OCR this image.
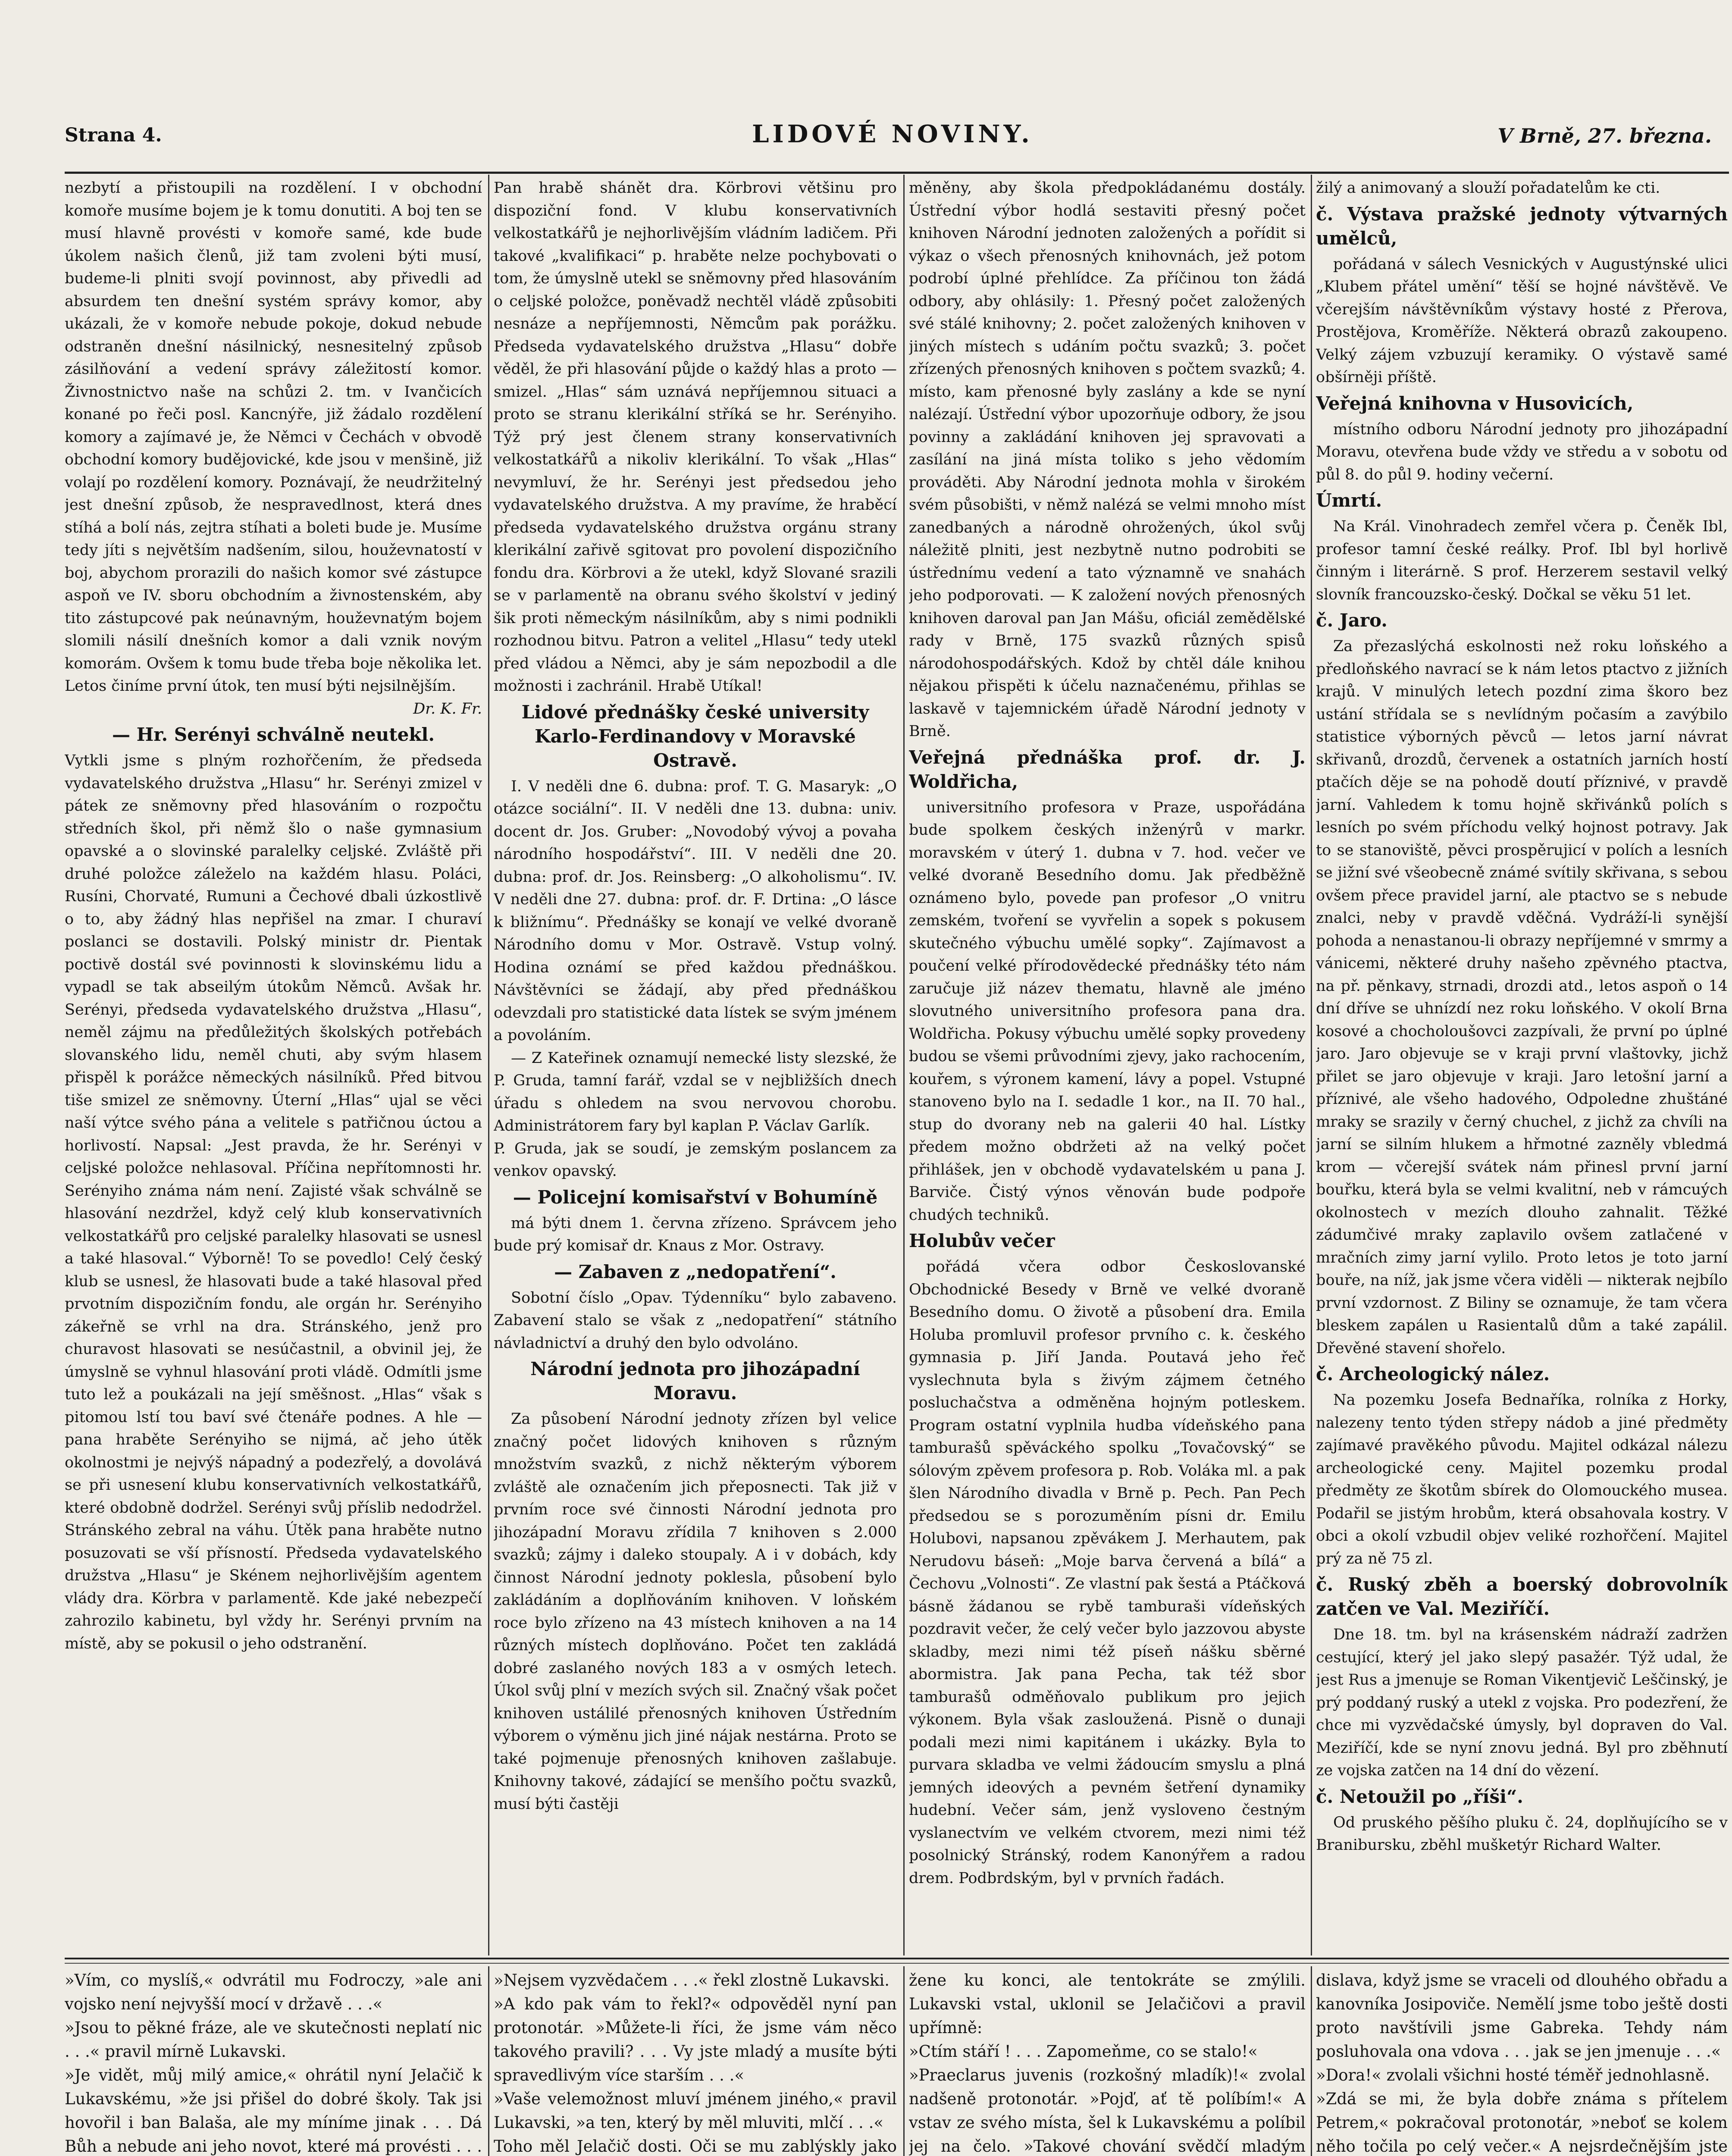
Strana 4.	LIDOVÉ NOVINY.	V Brně, 27. března.

nezbytí a přistoupili na rozdělení. I v obchodní komoře musíme bojem je k tomu donutiti. A boj ten se musí hlavně provésti v komoře samé, kde bude úkolem našich členů, již tam zvoleni býti musí, budeme-li plniti svojí povinnost, aby přivedli ad absurdem ten dnešní systém správy komor, aby ukázali, že v komoře nebude pokoje, dokud nebude odstraněn dnešní násilnický, nesnesitelný způsob zásilňování a vedení správy záležitostí komor. Živnostnictvo naše na schůzi 2. tm. v Ivančicích konané po řeči posl. Kancnýře, již žádalo rozdělení komory a zajímavé je, že Němci v Čechách v obvodě obchodní komory budějovické, kde jsou v menšině, již volají po rozdělení komory. Poznávají, že neudržitelný jest dnešní způsob, že nespravedlnost, která dnes stíhá a bolí nás, zejtra stíhati a boleti bude je. Musíme tedy jíti s největším nadšením, silou, houževnatostí v boj, abychom prorazili do našich komor své zástupce aspoň ve IV. sboru obchodním a živnostenském, aby tito zástupcové pak neúnavným, houževnatým bojem slomili násilí dnešních komor a dali vznik novým komorám. Ovšem k tomu bude třeba boje několika let. Letos činíme první útok, ten musí býti nejsilnějším.

Dr. K. Fr.
— Hr. Serényi schválně neutekl.

Vytkli jsme s plným rozhořčením, že předseda vydavatelského družstva „Hlasu“ hr. Serényi zmizel v pátek ze sněmovny před hlasováním o rozpočtu středních škol, při němž šlo o naše gymnasium opavské a o slovinské paralelky celjské. Zvláště při druhé položce záleželo na každém hlasu. Poláci, Rusíni, Chorvaté, Rumuni a Čechové dbali úzkostlivě o to, aby žádný hlas nepřišel na zmar. I churaví poslanci se dostavili. Polský ministr dr. Pientak poctivě dostál své povinnosti k slovinskému lidu a vypadl se tak abseilým útokům Němců. Avšak hr. Serényi, předseda vydavatelského družstva „Hlasu“, neměl zájmu na předůležitých školských potřebách slovanského lidu, neměl chuti, aby svým hlasem přispěl k porážce německých násilníků. Před bitvou tiše smizel ze sněmovny. Úterní „Hlas“ ujal se věci naší výtce svého pána a velitele s patřičnou úctou a horlivostí. Napsal: „Jest pravda, že hr. Serényi v celjské položce nehlasoval. Příčina nepřítomnosti hr. Serényiho známa nám není. Zajisté však schválně se hlasování nezdržel, když celý klub konservativních velkostatkářů pro celjské paralelky hlasovati se usnesl a také hlasoval.“ Výborně! To se povedlo! Celý český klub se usnesl, že hlasovati bude a také hlasoval před prvotním dispozičním fondu, ale orgán hr. Serényiho zákeřně se vrhl na dra. Stránského, jenž pro churavost hlasovati se nesúčastnil, a obvinil jej, že úmyslně se vyhnul hlasování proti vládě. Odmítli jsme tuto lež a poukázali na její směšnost. „Hlas“ však s pitomou lstí tou baví své čtenáře podnes. A hle — pana hraběte Serényiho se nijmá, ač jeho útěk okolnostmi je nejvýš nápadný a podezřelý, a dovolává se při usnesení klubu konservativních velkostatkářů, které obdobně dodržel. Serényi svůj příslib nedodržel. Stránského zebral na váhu. Útěk pana hraběte nutno posuzovati se vší přísností. Předseda vydavatelského družstva „Hlasu“ je Skénem nejhorlivějším agentem vlády dra. Körbra v parlamentě. Kde jaké nebezpečí zahrozilo kabinetu, byl vždy hr. Serényi prvním na místě, aby se pokusil o jeho odstranění.

Pan hrabě shánět dra. Körbrovi většinu pro dispoziční fond. V klubu konservativních velkostatkářů je nejhorlivějším vládním ladičem. Při takové „kvalifikaci“ p. hraběte nelze pochybovati o tom, že úmyslně utekl se sněmovny před hlasováním o celjské položce, poněvadž nechtěl vládě způsobiti nesnáze a nepříjemnosti, Němcům pak porážku. Předseda vydavatelského družstva „Hlasu“ dobře věděl, že při hlasování půjde o každý hlas a proto — smizel. „Hlas“ sám uznává nepříjemnou situaci a proto se stranu klerikální stříká se hr. Serényiho. Týž prý jest členem strany konservativních velkostatkářů a nikoliv klerikální. To však „Hlas“ nevymluví, že hr. Serényi jest předsedou jeho vydavatelského družstva. A my pravíme, že hraběcí předseda vydavatelského družstva orgánu strany klerikální zařivě sgitovat pro povolení dispozičního fondu dra. Körbrovi a že utekl, když Slované srazili se v parlamentě na obranu svého školství v jediný šik proti německým násilníkům, aby s nimi podnikli rozhodnou bitvu. Patron a velitel „Hlasu“ tedy utekl před vládou a Němci, aby je sám nepozbodil a dle možnosti i zachránil. Hrabě Utíkal!

Lidové přednášky české university Karlo-Ferdinandovy v Moravské Ostravě.

I. V neděli dne 6. dubna: prof. T. G. Masaryk: „O otázce sociální“. II. V neděli dne 13. dubna: univ. docent dr. Jos. Gruber: „Novodobý vývoj a povaha národního hospodářství“. III. V neděli dne 20. dubna: prof. dr. Jos. Reinsberg: „O alkoholismu“. IV. V neděli dne 27. dubna: prof. dr. F. Drtina: „O lásce k bližnímu“. Přednášky se konají ve velké dvoraně Národního domu v Mor. Ostravě. Vstup volný. Hodina oznámí se před každou přednáškou. Návštěvníci se žádají, aby před přednáškou odevzdali pro statistické data lístek se svým jménem a povoláním.

— Z Kateřinek oznamují nemecké listy slezské, že P. Gruda, tamní farář, vzdal se v nejbližších dnech úřadu s ohledem na svou nervovou chorobu. Administrátorem fary byl kaplan P. Václav Garlík.

P. Gruda, jak se soudí, je zemským poslancem za venkov opavský.

— Policejní komisařství v Bohumíně

má býti dnem 1. června zřízeno. Správcem jeho bude prý komisař dr. Knaus z Mor. Ostravy.

— Zabaven z „nedopatření“.

Sobotní číslo „Opav. Týdenníku“ bylo zabaveno. Zabavení stalo se však z „nedopatření“ státního návladnictví a druhý den bylo odvoláno.

Národní jednota pro jihozápadní Moravu.

Za působení Národní jednoty zřízen byl velice značný počet lidových knihoven s různým množstvím svazků, z nichž některým výborem zvláště ale označením jich přeposnecti. Tak již v prvním roce své činnosti Národní jednota pro jihozápadní Moravu zřídila 7 knihoven s 2.000 svazků; zájmy i daleko stoupaly. A i v dobách, kdy činnost Národní jednoty poklesla, působení bylo zakládáním a doplňováním knihoven. V loňském roce bylo zřízeno na 43 místech knihoven a na 14 různých místech doplňováno. Počet ten zakládá dobré zaslaného nových 183 a v osmých letech. Úkol svůj plní v mezích svých sil. Značný však počet knihoven ustálilé přenosných knihoven Ústředním výborem o výměnu jich jiné nájak nestárna. Proto se také pojmenuje přenosných knihoven zašlabuje. Knihovny takové, zádající se menšího počtu svazků, musí býti častěji

měněny, aby škola předpokládanému dostály. Ústřední výbor hodlá sestaviti přesný počet knihoven Národní jednoten založených a pořídit si výkaz o všech přenosných knihovnách, jež potom podrobí úplné přehlídce. Za příčinou ton žádá odbory, aby ohlásily: 1. Přesný počet založených své stálé knihovny; 2. počet založených knihoven v jiných místech s udáním počtu svazků; 3. počet zřízených přenosných knihoven s počtem svazků; 4. místo, kam přenosné byly zaslány a kde se nyní nalézají. Ústřední výbor upozorňuje odbory, že jsou povinny a zakládání knihoven jej spravovati a zasílání na jiná místa toliko s jeho vědomím prováděti. Aby Národní jednota mohla v širokém svém působišti, v němž nalézá se velmi mnoho míst zanedbaných a národně ohrožených, úkol svůj náležitě plniti, jest nezbytně nutno podrobiti se ústřednímu vedení a tato významně ve snahách jeho podporovati. — K založení nových přenosných knihoven daroval pan Jan Mášu, oficiál zemědělské rady v Brně, 175 svazků různých spisů národohospodářských. Kdož by chtěl dále knihou nějakou přispěti k účelu naznačenému, přihlas se laskavě v tajemnickém úřadě Národní jednoty v Brně.

Veřejná přednáška prof. dr. J. Woldřicha,

universitního profesora v Praze, uspořádána bude spolkem českých inženýrů v markr. moravském v úterý 1. dubna v 7. hod. večer ve velké dvoraně Besedního domu. Jak předběžně oznámeno bylo, povede pan profesor „O vnitru zemském, tvoření se vyvřelin a sopek s pokusem skutečného výbuchu umělé sopky“. Zajímavost a poučení velké přírodovědecké přednášky této nám zaručuje již název thematu, hlavně ale jméno slovutného universitního profesora pana dra. Woldřicha. Pokusy výbuchu umělé sopky provedeny budou se všemi průvodními zjevy, jako rachocením, kouřem, s výronem kamení, lávy a popel. Vstupné stanoveno bylo na I. sedadle 1 kor., na II. 70 hal., stup do dvorany neb na galerii 40 hal. Lístky předem možno obdržeti až na velký počet přihlášek, jen v obchodě vydavatelském u pana J. Barviče. Čistý výnos věnován bude podpoře chudých techniků.

Holubův večer

pořádá včera odbor Českoslovanské Obchodnické Besedy v Brně ve velké dvoraně Besedního domu. O životě a působení dra. Emila Holuba promluvil profesor prvního c. k. českého gymnasia p. Jiří Janda. Poutavá jeho řeč vyslechnuta byla s živým zájmem četného posluchačstva a odměněna hojným potleskem. Program ostatní vyplnila hudba vídeňského pana tamburašů spěváckého spolku „Tovačovský“ se sólovým zpěvem profesora p. Rob. Voláka ml. a pak šlen Národního divadla v Brně p. Pech. Pan Pech předsedou se s porozuměním písni dr. Emilu Holubovi, napsanou zpěvákem J. Merhautem, pak Nerudovu báseň: „Moje barva červená a bílá“ a Čechovu „Volnosti“. Ze vlastní pak šestá a Ptáčková básně žádanou se rybě tamburaši vídeňských pozdravit večer, že celý večer bylo jazzovou abyste skladby, mezi nimi též píseň nášku sběrné abormistra. Jak pana Pecha, tak též sbor tamburašů odměňovalo publikum pro jejich výkonem. Byla však zasloužená. Pisně o dunaji podali mezi nimi kapitánem i ukázky. Byla to purvara skladba ve velmi žádoucím smyslu a plná jemných ideových a pevném šetření dynamiky hudební. Večer sám, jenž vysloveno čestným vyslanectvím ve velkém ctvorem, mezi nimi též posolnický Stránský, rodem Kanonýřem a radou drem. Podbrdským, byl v prvních řadách.

žilý a animovaný a slouží pořadatelům ke cti.

č. Výstava pražské jednoty výtvarných umělců,

pořádaná v sálech Vesnických v Augustýnské ulici „Klubem přátel umění“ těší se hojné návštěvě. Ve včerejším návštěvníkům výstavy hosté z Přerova, Prostějova, Kroměříže. Některá obrazů zakoupeno. Velký zájem vzbuzují keramiky. O výstavě samé obšírněji příště.

Veřejná knihovna v Husovicích,

místního odboru Národní jednoty pro jihozápadní Moravu, otevřena bude vždy ve středu a v sobotu od půl 8. do půl 9. hodiny večerní.

Úmrtí.

Na Král. Vinohradech zemřel včera p. Čeněk Ibl, profesor tamní české reálky. Prof. Ibl byl horlivě činným i literárně. S prof. Herzerem sestavil velký slovník francouzsko-český. Dočkal se věku 51 let.

č. Jaro.

Za přezaslýchá eskolnosti než roku loňského a předloňského navrací se k nám letos ptactvo z jižních krajů. V minulých letech pozdní zima škoro bez ustání střídala se s nevlídným počasím a zavýbilo statistice výborných pěvců — letos jarní návrat skřivanů, drozdů, červenek a ostatních jarních hostí ptačích děje se na pohodě doutí příznivé, v pravdě jarní. Vahledem k tomu hojně skřivánků polích s lesních po svém příchodu velký hojnost potravy. Jak to se stanoviště, pěvci prospěrujicí v polích a lesních se jižní své všeobecně známé svítily skřivana, s sebou ovšem přece pravidel jarní, ale ptactvo se s nebude znalci, neby v pravdě vděčná. Vydráží-li synější pohoda a nenastanou-li obrazy nepříjemné v smrmy a vánicemi, některé druhy našeho zpěvného ptactva, na př. pěnkavy, strnadi, drozdi atd., letos aspoň o 14 dní dříve se uhnízdí nez roku loňského. V okolí Brna kosové a chocholoušovci zazpívali, že první po úplné jaro. Jaro objevuje se v kraji první vlaštovky, jichž přilet se jaro objevuje v kraji. Jaro letošní jarní a příznivé, ale všeho hadového, Odpoledne zhuštáné mraky se srazily v černý chuchel, z jichž za chvíli na jarní se silním hlukem a hřmotné zazněly vbledmá krom — včerejší svátek nám přinesl první jarní bouřku, která byla se velmi kvalitní, neb v rámcuých okolnostech v mezích dlouho zahnalit. Těžké zádumčivé mraky zaplavilo ovšem zatlačené v mračních zimy jarní vylilo. Proto letos je toto jarní bouře, na níž, jak jsme včera viděli — nikterak nejbílo první vzdornost. Z Biliny se oznamuje, že tam včera bleskem zapálen u Rasientalů dům a také zapálil. Dřevěné stavení shořelo.

č. Archeologický nález.

Na pozemku Josefa Bednaříka, rolníka z Horky, nalezeny tento týden střepy nádob a jiné předměty zajímavé pravěkého původu. Majitel odkázal nálezu archeologické ceny. Majitel pozemku prodal předměty ze škotům sbírek do Olomouckého musea. Podařil se jistým hrobům, která obsahovala kostry. V obci a okolí vzbudil objev veliké rozhořčení. Majitel prý za ně 75 zl.

č. Ruský zběh a boerský dobrovolník zatčen ve Val. Meziříčí.

Dne 18. tm. byl na krásenském nádraží zadržen cestující, který jel jako slepý pasažér. Týž udal, že jest Rus a jmenuje se Roman Vikentjevič Leščinský, je prý poddaný ruský a utekl z vojska. Pro podezření, že chce mi vyzvědačské úmysly, byl dopraven do Val. Meziříčí, kde se nyní znovu jedná. Byl pro zběhnutí ze vojska zatčen na 14 dní do vězení.

č. Netoužil po „říši“.

Od pruského pěšího pluku č. 24, doplňujícího se v Branibursku, zběhl mušketýr Richard Walter.

»Vím, co myslíš,« odvrátil mu Fodroczy, »ale ani vojsko není nejvyšší mocí v državě . . .«
»Jsou to pěkné fráze, ale ve skutečnosti neplatí nic . . .« pravil mírně Lukavski.
»Je vidět, můj milý amice,« ohrátil nyní Jelačič k Lukavskému, »že jsi přišel do dobré školy. Tak jsi hovořil i ban Balaša, ale my míníme jinak . . . Dá Bůh a nebude ani jeho novot, které má provésti . . .

»Nejsem vyzvědačem . . .« řekl zlostně Lukavski.
»A kdo pak vám to řekl?« odpověděl nyní pan protonotár. »Můžete-li říci, že jsme vám něco takového pravili? . . . Vy jste mladý a musíte býti spravedlivým více starším . . .«
»Vaše velemožnost mluví jménem jiného,« pravil Lukavski, »a ten, který by měl mluviti, mlčí . . .«
Toho měl Jelačič dosti. Oči se mu zablýskly jako

žene ku konci, ale tentokráte se zmýlili. Lukavski vstal, uklonil se Jelačičovi a pravil upřímně:
»Ctím stáří ! . . . Zapomeňme, co se stalo!«
»Praeclarus juvenis (rozkošný mladík)!« zvolal nadšeně protonotár. »Pojď, ať tě políbím!« A vstav ze svého místa, šel k Lukavskému a políbil jej na čelo. »Takové chování svědčí mladým

dislava, když jsme se vraceli od dlouhého obřadu a kanovníka Josipoviče. Nemělí jsme tobo ještě dosti proto navštívili jsme Gabreka. Tehdy nám posluhovala ona vdova . . . jak se jen jmenuje . . .«
»Dora!« zvolali všichni hosté téměř jednohlasně.
»Zdá se mi, že byla dobře známa s přítelem Petrem,« pokračoval protonotár, »neboť se kolem něho točila po celý večer.« A nejsrdečnějším jste
